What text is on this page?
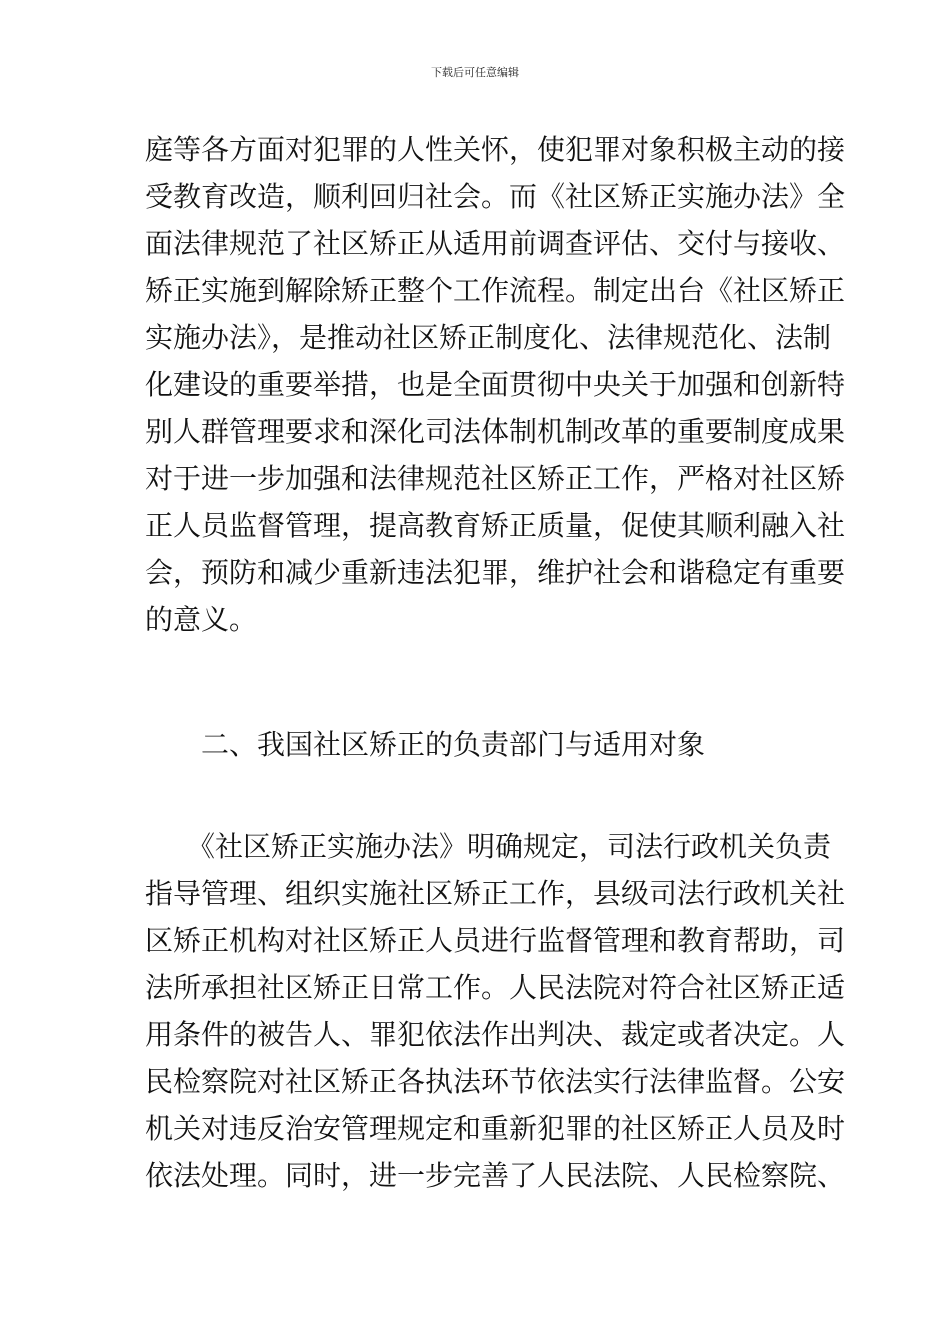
下载后可任意编辑
庭等各方面对犯罪的人性关怀，使犯罪对象积极主动的接
受教育改造，顺利回归社会。而《社区矫正实施办法》全
面法律规范了社区矫正从适用前调查评估、交付与接收、
矫正实施到解除矫正整个工作流程。制定出台《社区矫正
实施办法》，是推动社区矫正制度化、法律规范化、法制
化建设的重要举措，也是全面贯彻中央关于加强和创新特
别人群管理要求和深化司法体制机制改革的重要制度成果
对于进一步加强和法律规范社区矫正工作，严格对社区矫
正人员监督管理，提高教育矫正质量，促使其顺利融入社
会，预防和减少重新违法犯罪，维护社会和谐稳定有重要
的意义。
二、我国社区矫正的负责部门与适用对象
　　《社区矫正实施办法》明确规定，司法行政机关负责
指导管理、组织实施社区矫正工作，县级司法行政机关社
区矫正机构对社区矫正人员进行监督管理和教育帮助，司
法所承担社区矫正日常工作。人民法院对符合社区矫正适
用条件的被告人、罪犯依法作出判决、裁定或者决定。人
民检察院对社区矫正各执法环节依法实行法律监督。公安
机关对违反治安管理规定和重新犯罪的社区矫正人员及时
依法处理。同时，进一步完善了人民法院、人民检察院、
